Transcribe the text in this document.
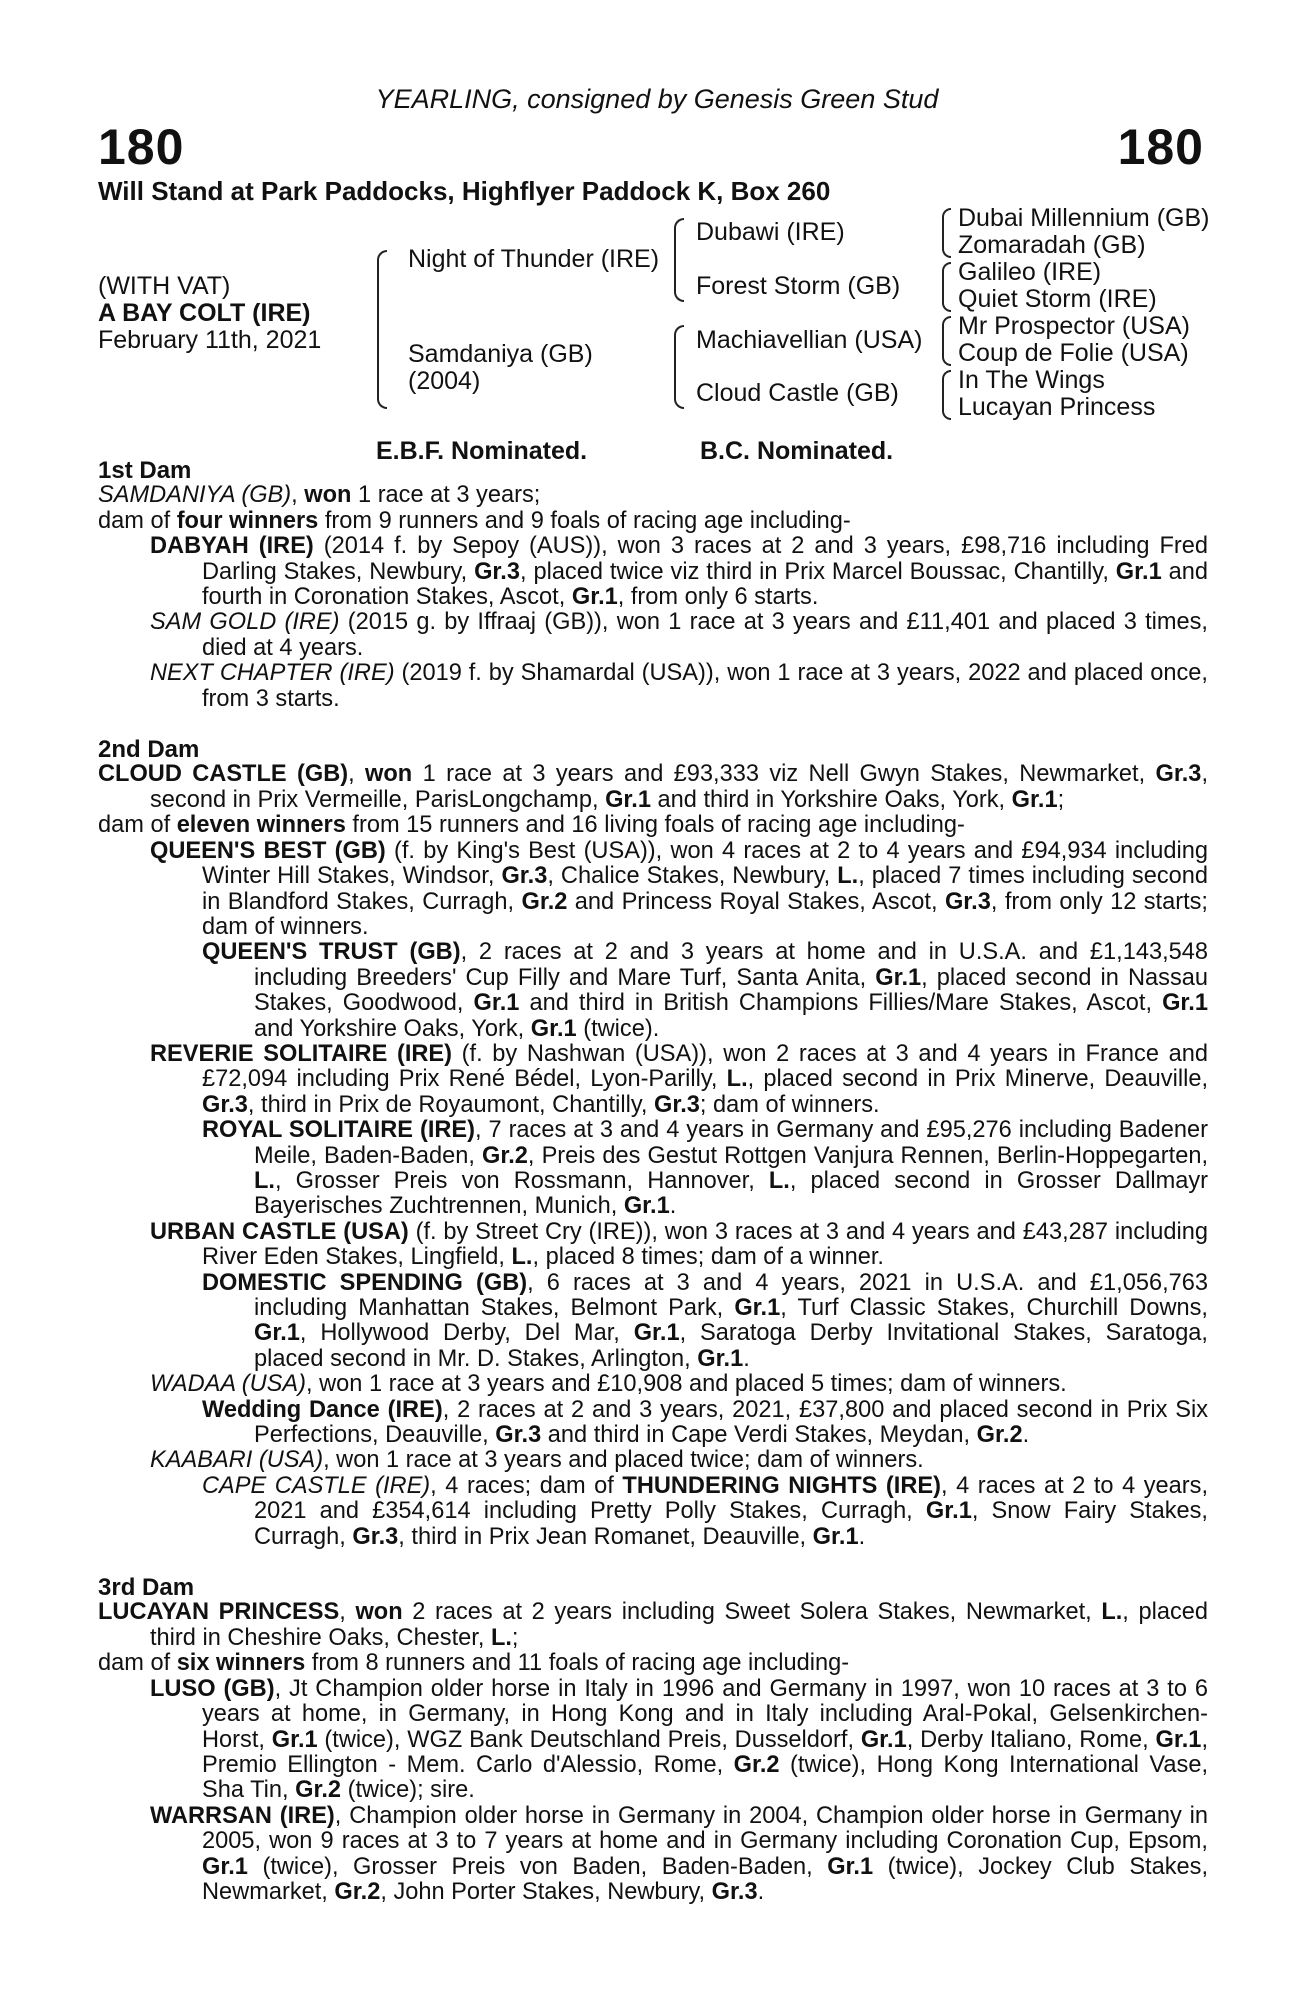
YEARLING, consigned by Genesis Green Stud
180	180
Will Stand at Park Paddocks, Highflyer Paddock K, Box 260
(WITH VAT)
A BAY COLT (IRE)
February 11th, 2021
Night of Thunder (IRE)
Samdaniya (GB)
(2004)
Dubawi (IRE)
Forest Storm (GB)
Machiavellian (USA)
Cloud Castle (GB)
Dubai Millennium (GB)
Zomaradah (GB)
Galileo (IRE)
Quiet Storm (IRE)
Mr Prospector (USA)
Coup de Folie (USA)
In The Wings
Lucayan Princess
E.B.F. Nominated.	B.C. Nominated.

1st Dam

SAMDANIYA (GB), won 1 race at 3 years;

dam of four winners from 9 runners and 9 foals of racing age including-

DABYAH (IRE) (2014 f. by Sepoy (AUS)), won 3 races at 2 and 3 years, £98,716 including Fred Darling Stakes, Newbury, Gr.3, placed twice viz third in Prix Marcel Boussac, Chantilly, Gr.1 and fourth in Coronation Stakes, Ascot, Gr.1, from only 6 starts.

SAM GOLD (IRE) (2015 g. by Iffraaj (GB)), won 1 race at 3 years and £11,401 and placed 3 times, died at 4 years.

NEXT CHAPTER (IRE) (2019 f. by Shamardal (USA)), won 1 race at 3 years, 2022 and placed once, from 3 starts.

2nd Dam

CLOUD CASTLE (GB), won 1 race at 3 years and £93,333 viz Nell Gwyn Stakes, Newmarket, Gr.3, second in Prix Vermeille, ParisLongchamp, Gr.1 and third in Yorkshire Oaks, York, Gr.1;

dam of eleven winners from 15 runners and 16 living foals of racing age including-

QUEEN'S BEST (GB) (f. by King's Best (USA)), won 4 races at 2 to 4 years and £94,934 including Winter Hill Stakes, Windsor, Gr.3, Chalice Stakes, Newbury, L., placed 7 times including second in Blandford Stakes, Curragh, Gr.2 and Princess Royal Stakes, Ascot, Gr.3, from only 12 starts; dam of winners.

QUEEN'S TRUST (GB), 2 races at 2 and 3 years at home and in U.S.A. and £1,143,548 including Breeders' Cup Filly and Mare Turf, Santa Anita, Gr.1, placed second in Nassau Stakes, Goodwood, Gr.1 and third in British Champions Fillies/Mare Stakes, Ascot, Gr.1 and Yorkshire Oaks, York, Gr.1 (twice).

REVERIE SOLITAIRE (IRE) (f. by Nashwan (USA)), won 2 races at 3 and 4 years in France and £72,094 including Prix René Bédel, Lyon-Parilly, L., placed second in Prix Minerve, Deauville, Gr.3, third in Prix de Royaumont, Chantilly, Gr.3; dam of winners.

ROYAL SOLITAIRE (IRE), 7 races at 3 and 4 years in Germany and £95,276 including Badener Meile, Baden-Baden, Gr.2, Preis des Gestut Rottgen Vanjura Rennen, Berlin-Hoppegarten, L., Grosser Preis von Rossmann, Hannover, L., placed second in Grosser Dallmayr Bayerisches Zuchtrennen, Munich, Gr.1.

URBAN CASTLE (USA) (f. by Street Cry (IRE)), won 3 races at 3 and 4 years and £43,287 including River Eden Stakes, Lingfield, L., placed 8 times; dam of a winner.

DOMESTIC SPENDING (GB), 6 races at 3 and 4 years, 2021 in U.S.A. and £1,056,763 including Manhattan Stakes, Belmont Park, Gr.1, Turf Classic Stakes, Churchill Downs, Gr.1, Hollywood Derby, Del Mar, Gr.1, Saratoga Derby Invitational Stakes, Saratoga, placed second in Mr. D. Stakes, Arlington, Gr.1.

WADAA (USA), won 1 race at 3 years and £10,908 and placed 5 times; dam of winners.

Wedding Dance (IRE), 2 races at 2 and 3 years, 2021, £37,800 and placed second in Prix Six Perfections, Deauville, Gr.3 and third in Cape Verdi Stakes, Meydan, Gr.2.

KAABARI (USA), won 1 race at 3 years and placed twice; dam of winners.

CAPE CASTLE (IRE), 4 races; dam of THUNDERING NIGHTS (IRE), 4 races at 2 to 4 years, 2021 and £354,614 including Pretty Polly Stakes, Curragh, Gr.1, Snow Fairy Stakes, Curragh, Gr.3, third in Prix Jean Romanet, Deauville, Gr.1.

3rd Dam

LUCAYAN PRINCESS, won 2 races at 2 years including Sweet Solera Stakes, Newmarket, L., placed third in Cheshire Oaks, Chester, L.;

dam of six winners from 8 runners and 11 foals of racing age including-

LUSO (GB), Jt Champion older horse in Italy in 1996 and Germany in 1997, won 10 races at 3 to 6 years at home, in Germany, in Hong Kong and in Italy including Aral-Pokal, Gelsenkirchen-Horst, Gr.1 (twice), WGZ Bank Deutschland Preis, Dusseldorf, Gr.1, Derby Italiano, Rome, Gr.1, Premio Ellington - Mem. Carlo d'Alessio, Rome, Gr.2 (twice), Hong Kong International Vase, Sha Tin, Gr.2 (twice); sire.

WARRSAN (IRE), Champion older horse in Germany in 2004, Champion older horse in Germany in 2005, won 9 races at 3 to 7 years at home and in Germany including Coronation Cup, Epsom, Gr.1 (twice), Grosser Preis von Baden, Baden-Baden, Gr.1 (twice), Jockey Club Stakes, Newmarket, Gr.2, John Porter Stakes, Newbury, Gr.3.
